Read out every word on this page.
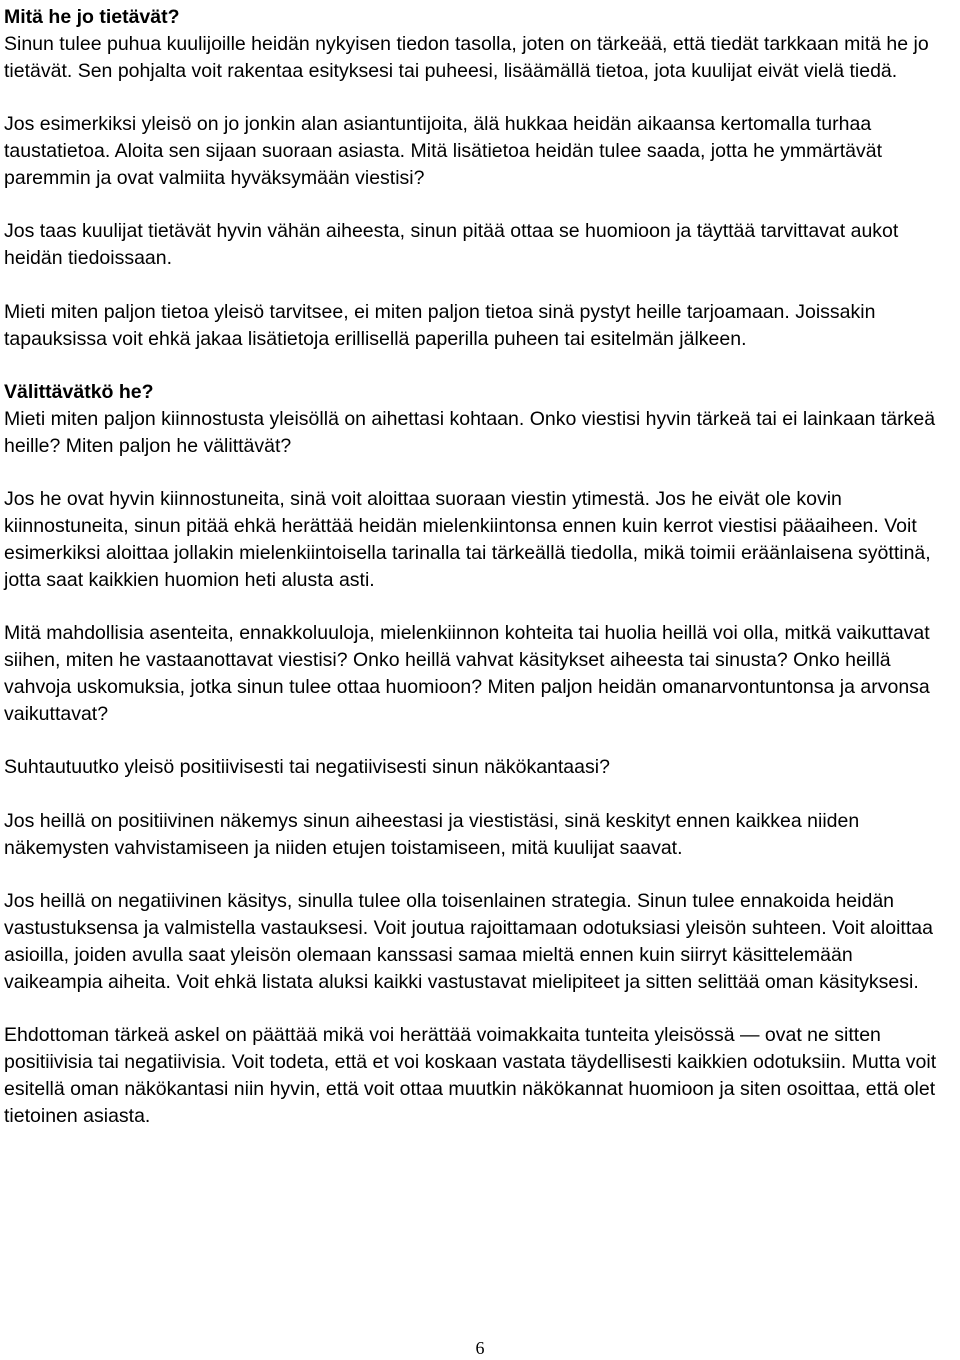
Mitä he jo tietävät?

Sinun tulee puhua kuulijoille heidän nykyisen tiedon tasolla, joten on tärkeää, että tiedät tarkkaan mitä he jo tietävät. Sen pohjalta voit rakentaa esityksesi tai puheesi, lisäämällä tietoa, jota kuulijat eivät vielä tiedä.

Jos esimerkiksi yleisö on jo jonkin alan asiantuntijoita, älä hukkaa heidän aikaansa kertomalla turhaa taustatietoa. Aloita sen sijaan suoraan asiasta. Mitä lisätietoa heidän tulee saada, jotta he ymmärtävät paremmin ja ovat valmiita hyväksymään viestisi?

Jos taas kuulijat tietävät hyvin vähän aiheesta, sinun pitää ottaa se huomioon ja täyttää tarvittavat aukot heidän tiedoissaan.

Mieti miten paljon tietoa yleisö tarvitsee, ei miten paljon tietoa sinä pystyt heille tarjoamaan. Joissakin tapauksissa voit ehkä jakaa lisätietoja erillisellä paperilla puheen tai esitelmän jälkeen.

Välittävätkö he?

Mieti miten paljon kiinnostusta yleisöllä on aihettasi kohtaan. Onko viestisi hyvin tärkeä tai ei lainkaan tärkeä heille? Miten paljon he välittävät?

Jos he ovat hyvin kiinnostuneita, sinä voit aloittaa suoraan viestin ytimestä. Jos he eivät ole kovin kiinnostuneita, sinun pitää ehkä herättää heidän mielenkiintonsa ennen kuin kerrot viestisi pääaiheen. Voit esimerkiksi aloittaa jollakin mielenkiintoisella tarinalla tai tärkeällä tiedolla, mikä toimii eräänlaisena syöttinä, jotta saat kaikkien huomion heti alusta asti.

Mitä mahdollisia asenteita, ennakkoluuloja, mielenkiinnon kohteita tai huolia heillä voi olla, mitkä vaikuttavat siihen, miten he vastaanottavat viestisi? Onko heillä vahvat käsitykset aiheesta tai sinusta? Onko heillä vahvoja uskomuksia, jotka sinun tulee ottaa huomioon? Miten paljon heidän omanarvontuntonsa ja arvonsa vaikuttavat?

Suhtautuutko yleisö positiivisesti tai negatiivisesti sinun näkökantaasi?

Jos heillä on positiivinen näkemys sinun aiheestasi ja viestistäsi, sinä keskityt ennen kaikkea niiden näkemysten vahvistamiseen ja niiden etujen toistamiseen, mitä kuulijat saavat.

Jos heillä on negatiivinen käsitys, sinulla tulee olla toisenlainen strategia. Sinun tulee ennakoida heidän vastustuksensa ja valmistella vastauksesi. Voit joutua rajoittamaan odotuksiasi yleisön suhteen. Voit aloittaa asioilla, joiden avulla saat yleisön olemaan kanssasi samaa mieltä ennen kuin siirryt käsittelemään vaikeampia aiheita. Voit ehkä listata aluksi kaikki vastustavat mielipiteet ja sitten selittää oman käsityksesi.

Ehdottoman tärkeä askel on päättää mikä voi herättää voimakkaita tunteita yleisössä — ovat ne sitten positiivisia tai negatiivisia. Voit todeta, että et voi koskaan vastata täydellisesti kaikkien odotuksiin. Mutta voit esitellä oman näkökantasi niin hyvin, että voit ottaa muutkin näkökannat huomioon ja siten osoittaa, että olet tietoinen asiasta.

6
